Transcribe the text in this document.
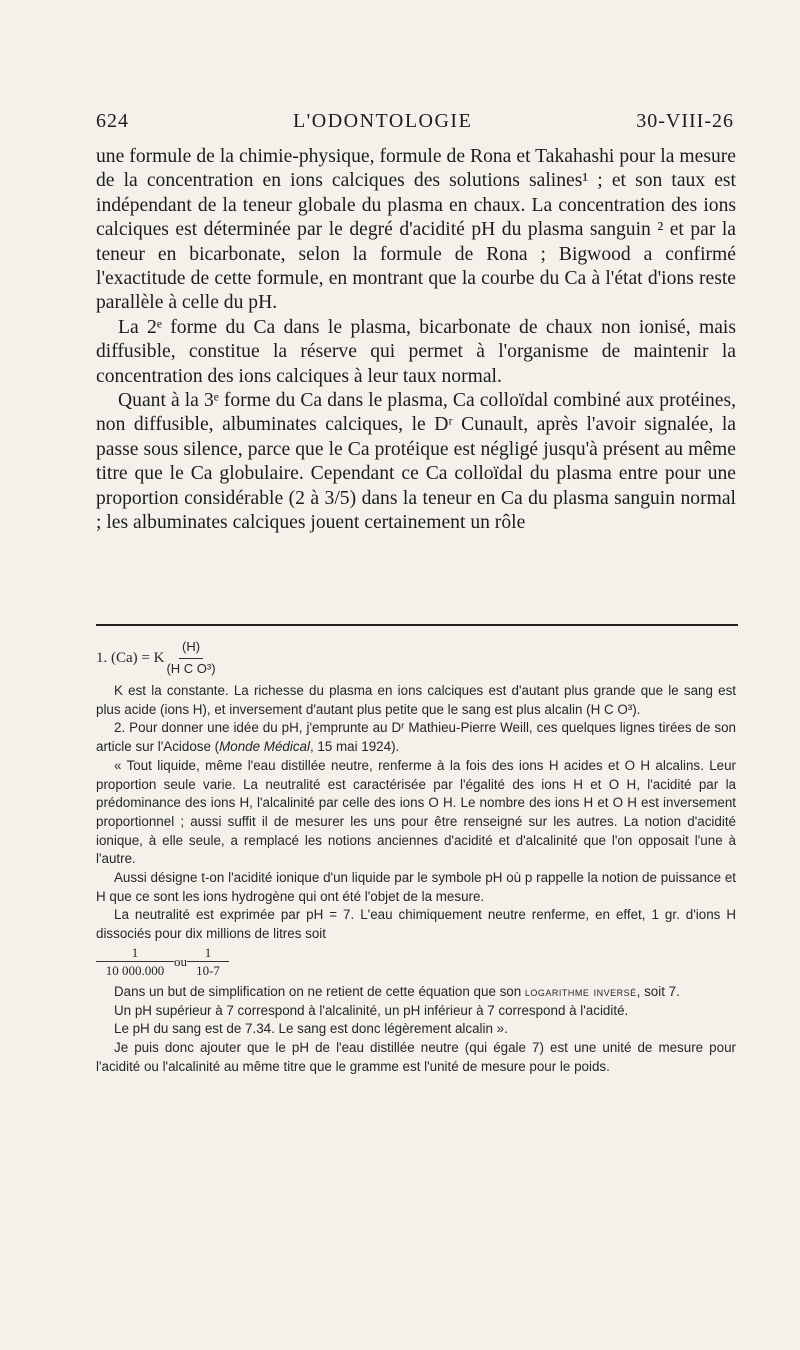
624	L'ODONTOLOGIE	30-VIII-26

une formule de la chimie-physique, formule de Rona et Takahashi pour la mesure de la concentration en ions calciques des solutions salines¹ ; et son taux est indépendant de la teneur globale du plasma en chaux. La concentration des ions calciques est déterminée par le degré d'acidité pH du plasma sanguin ² et par la teneur en bicarbonate, selon la formule de Rona ; Bigwood a confirmé l'exactitude de cette formule, en montrant que la courbe du Ca à l'état d'ions reste parallèle à celle du pH.

La 2ᵉ forme du Ca dans le plasma, bicarbonate de chaux non ionisé, mais diffusible, constitue la réserve qui permet à l'organisme de maintenir la concentration des ions calciques à leur taux normal.

Quant à la 3ᵉ forme du Ca dans le plasma, Ca colloïdal combiné aux protéines, non diffusible, albuminates calciques, le Dʳ Cunault, après l'avoir signalée, la passe sous silence, parce que le Ca protéique est négligé jusqu'à présent au même titre que le Ca globulaire. Cependant ce Ca colloïdal du plasma entre pour une proportion considérable (2 à 3/5) dans la teneur en Ca du plasma sanguin normal ; les albuminates calciques jouent certainement un rôle

1. (Ca) = K $\frac{(H)}{\text{(H C O³)}}$

K est la constante. La richesse du plasma en ions calciques est d'autant plus grande que le sang est plus acide (ions H), et inversement d'autant plus petite que le sang est plus alcalin (H C O³).

2. Pour donner une idée du pH, j'emprunte au Dʳ Mathieu-Pierre Weill, ces quelques lignes tirées de son article sur l'Acidose (Monde Médical, 15 mai 1924).

« Tout liquide, même l'eau distillée neutre, renferme à la fois des ions H acides et O H alcalins. Leur proportion seule varie. La neutralité est caractérisée par l'égalité des ions H et O H, l'acidité par la prédominance des ions H, l'alcalinité par celle des ions O H. Le nombre des ions H et O H est inversement proportionnel ; aussi suffit il de mesurer les uns pour être renseigné sur les autres. La notion d'acidité ionique, à elle seule, a remplacé les notions anciennes d'acidité et d'alcalinité que l'on opposait l'une à l'autre.

Aussi désigne t-on l'acidité ionique d'un liquide par le symbole pH où p rappelle la notion de puissance et H que ce sont les ions hydrogène qui ont été l'objet de la mesure.

La neutralité est exprimée par pH = 7. L'eau chimiquement neutre renferme, en effet, 1 gr. d'ions H dissociés pour dix millions de litres soit

$\frac{1}{10 000.000}$ ou $\frac{1}{10-7}$

Dans un but de simplification on ne retient de cette équation que son logarithme inversé, soit 7.

Un pH supérieur à 7 correspond à l'alcalinité, un pH inférieur à 7 correspond à l'acidité.

Le pH du sang est de 7.34. Le sang est donc légèrement alcalin ».

Je puis donc ajouter que le pH de l'eau distillée neutre (qui égale 7) est une unité de mesure pour l'acidité ou l'alcalinité au même titre que le gramme est l'unité de mesure pour le poids.
